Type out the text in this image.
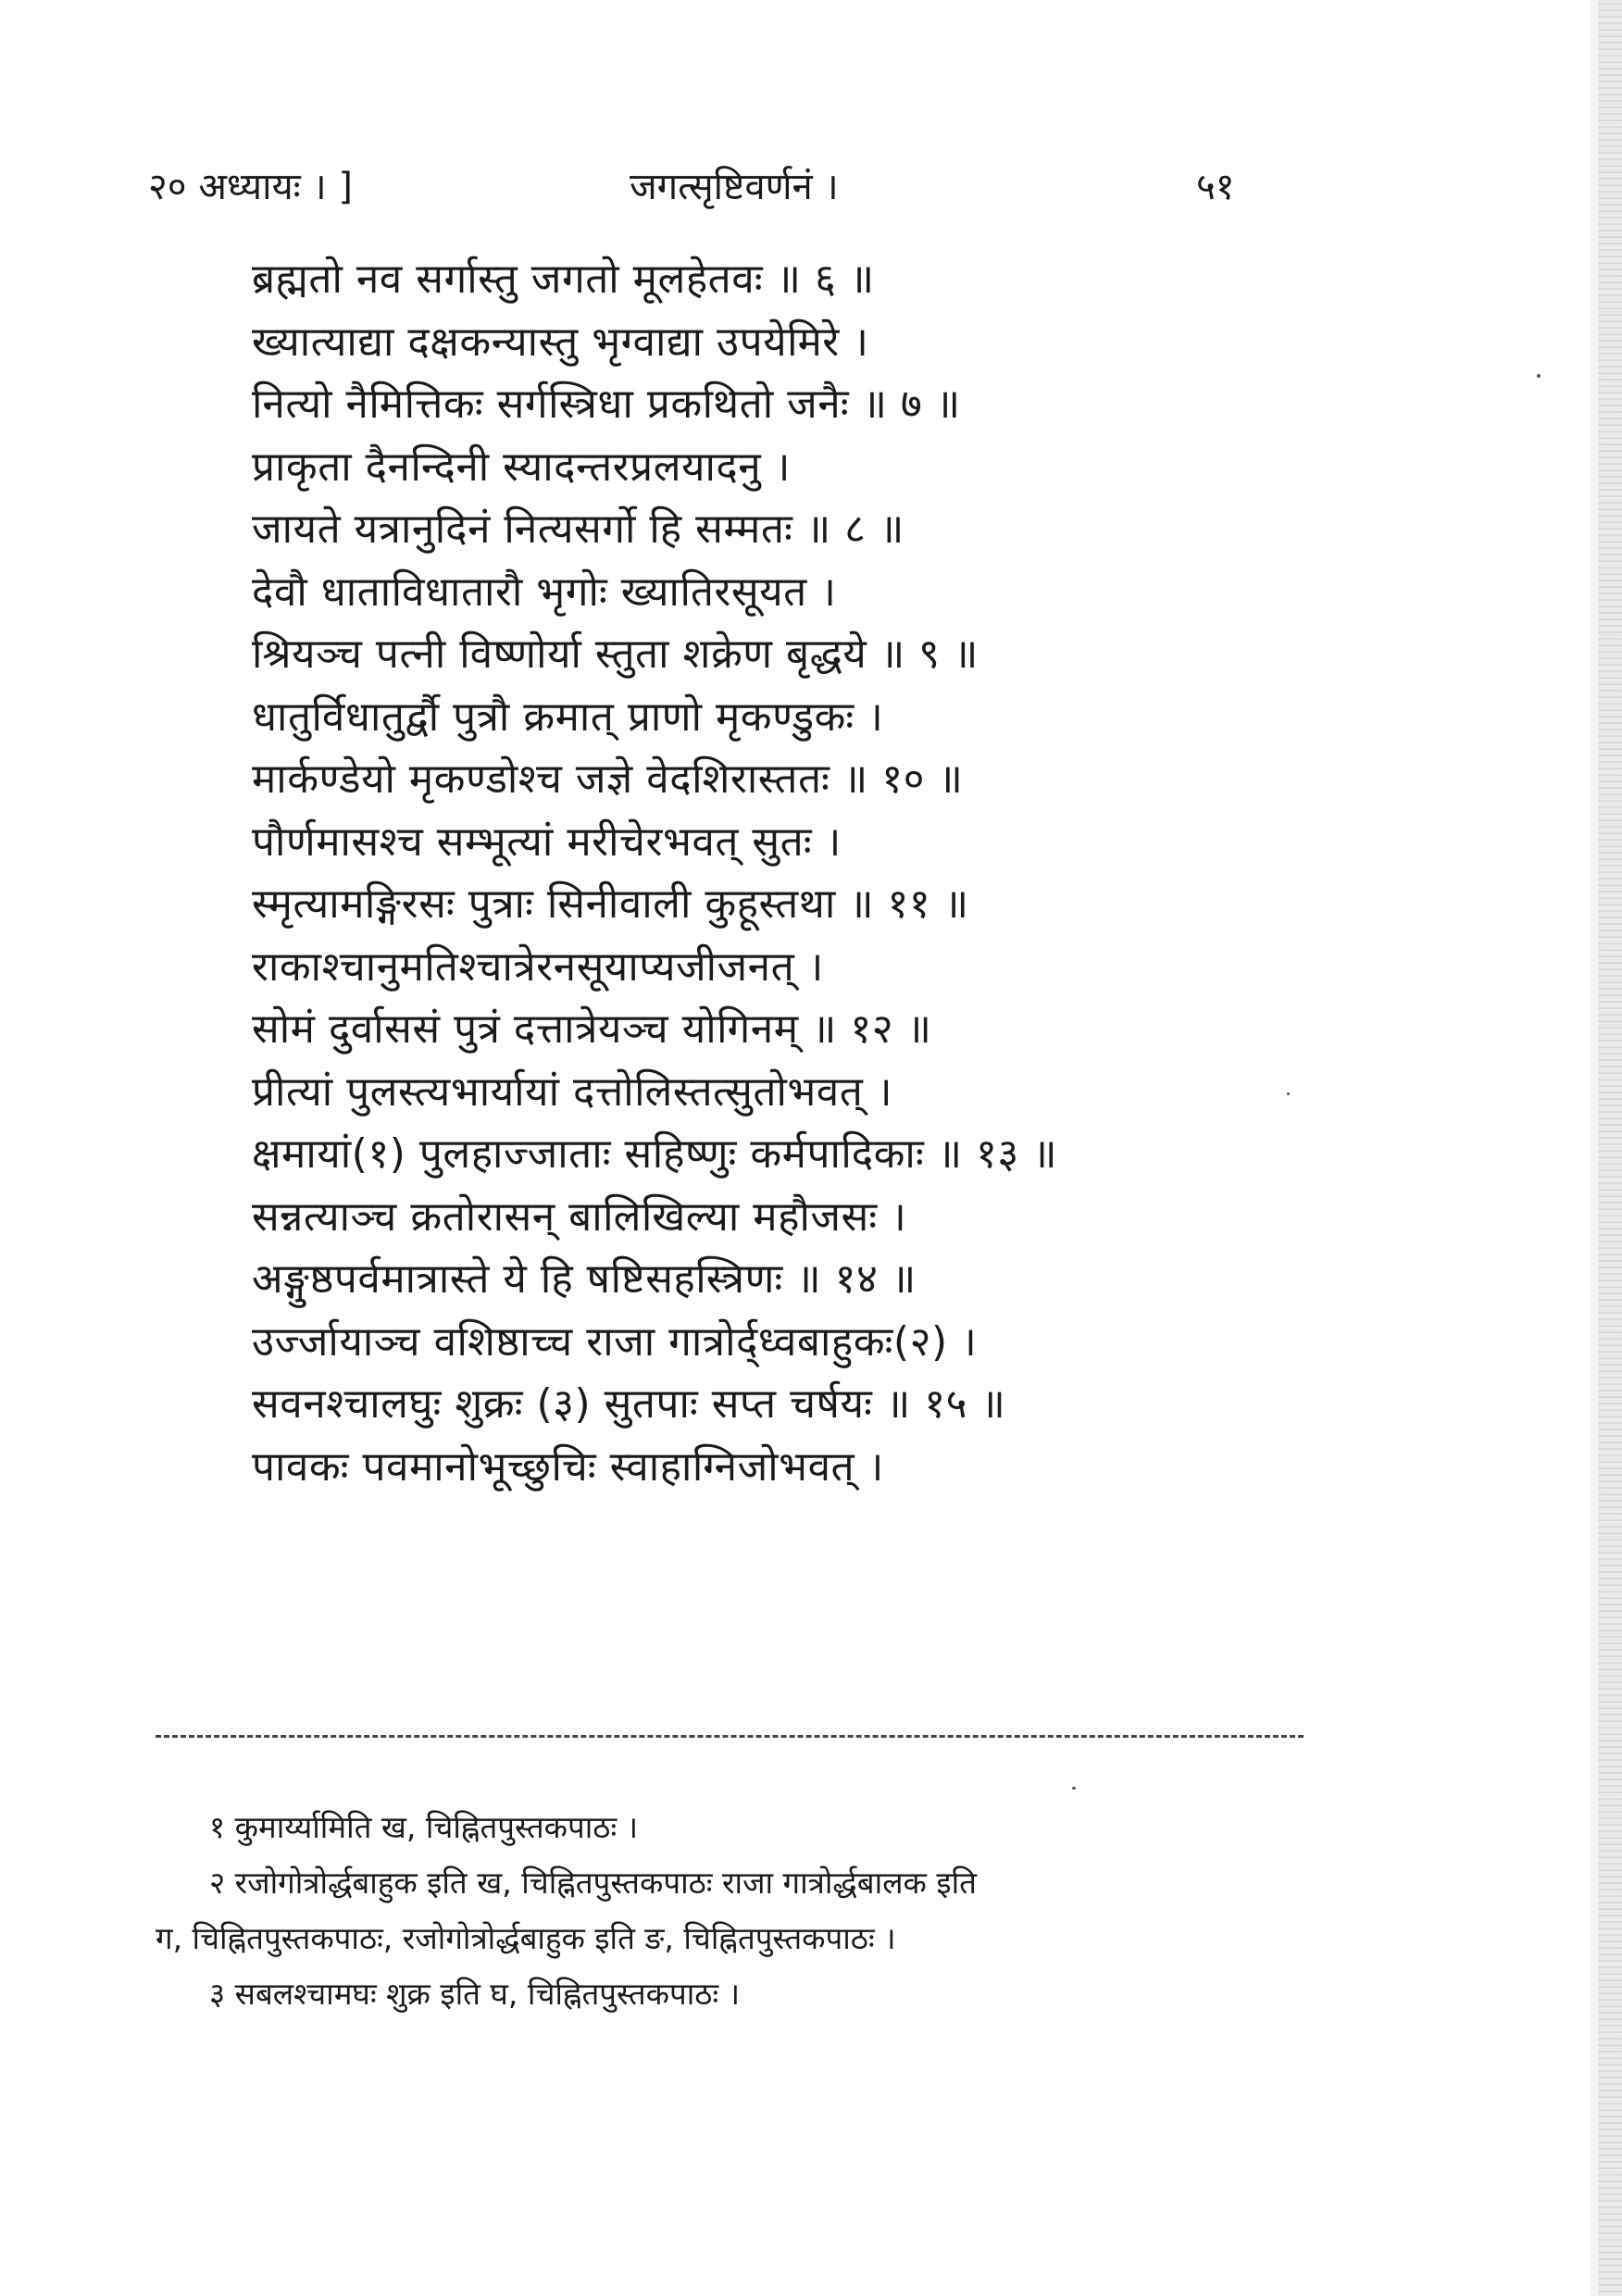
२० अध्यायः । ]	जगत्सृष्टिवर्णनं ।	५१
ब्रह्मतो नव सर्गास्तु जगतो मूलहेतवः ॥ ६ ॥
ख्यात्याद्या दक्षकन्यास्तु भृग्वाद्या उपयेमिरे ।
नित्यो नैमित्तिकः सर्गस्त्रिधा प्रकथितो जनैः ॥ ७ ॥
प्राकृता दैनन्दिनी स्यादन्तरप्रलयादनु ।
जायते यत्रानुदिनं नित्यसर्गो हि सम्मतः ॥ ८ ॥
देवौ धाताविधातारौ भृगोः ख्यातिरसूयत ।
श्रियञ्च पत्नी विष्णोर्या स्तुता शक्रेण बृद्धये ॥ ९ ॥
धातुर्विधातुर्द्वौ पुत्रौ क्रमात् प्राणो मृकण्डुकः ।
मार्कण्डेयो मृकण्डोश्च जज्ञे वेदशिरास्ततः ॥ १० ॥
पौर्णमासश्च सम्भूत्यां मरीचेरभवत् सुतः ।
स्मृत्यामङ्गिरसः पुत्राः सिनीवाली कुहूस्तथा ॥ ११ ॥
राकाश्चानुमतिश्चात्रेरनसूयाप्यजीजनत् ।
सोमं दुर्वाससं पुत्रं दत्तात्रेयञ्च योगिनम् ॥ १२ ॥
प्रीत्यां पुलस्त्यभार्यायां दत्तोलिस्तत्सुतोभवत् ।
क्षमायां(१) पुलहाज्जाताः सहिष्णुः कर्मपादिकाः ॥ १३ ॥
सन्नत्याञ्च क्रतोरासन् बालिखिल्या महौजसः ।
अङ्गुष्ठपर्वमात्रास्ते ये हि षष्टिसहस्त्रिणः ॥ १४ ॥
उर्ज्जायाञ्च वशिष्ठाच्च राजा गात्रोर्द्ध्वबाहुकः(२) ।
सवनश्चालघुः शुक्रः (३) सुतपाः सप्त चर्षयः ॥ १५ ॥
पावकः पवमानोभूच्छुचिः स्वाहाग्निजोभवत् ।
१ कुमार्य्यामिति ख, चिह्नितपुस्तकपाठः ।
२ रजोगोत्रोर्द्धबाहुक इति ख, चिह्नितपुस्तकपाठः राजा गात्रोर्द्धबालक इति
ग, चिह्नितपुस्तकपाठः, रजोगोत्रोर्द्धबाहुक इति ङ, चिह्नितपुस्तकपाठः ।
३ सबलश्चामघः शुक्र इति घ, चिह्नितपुस्तकपाठः ।
